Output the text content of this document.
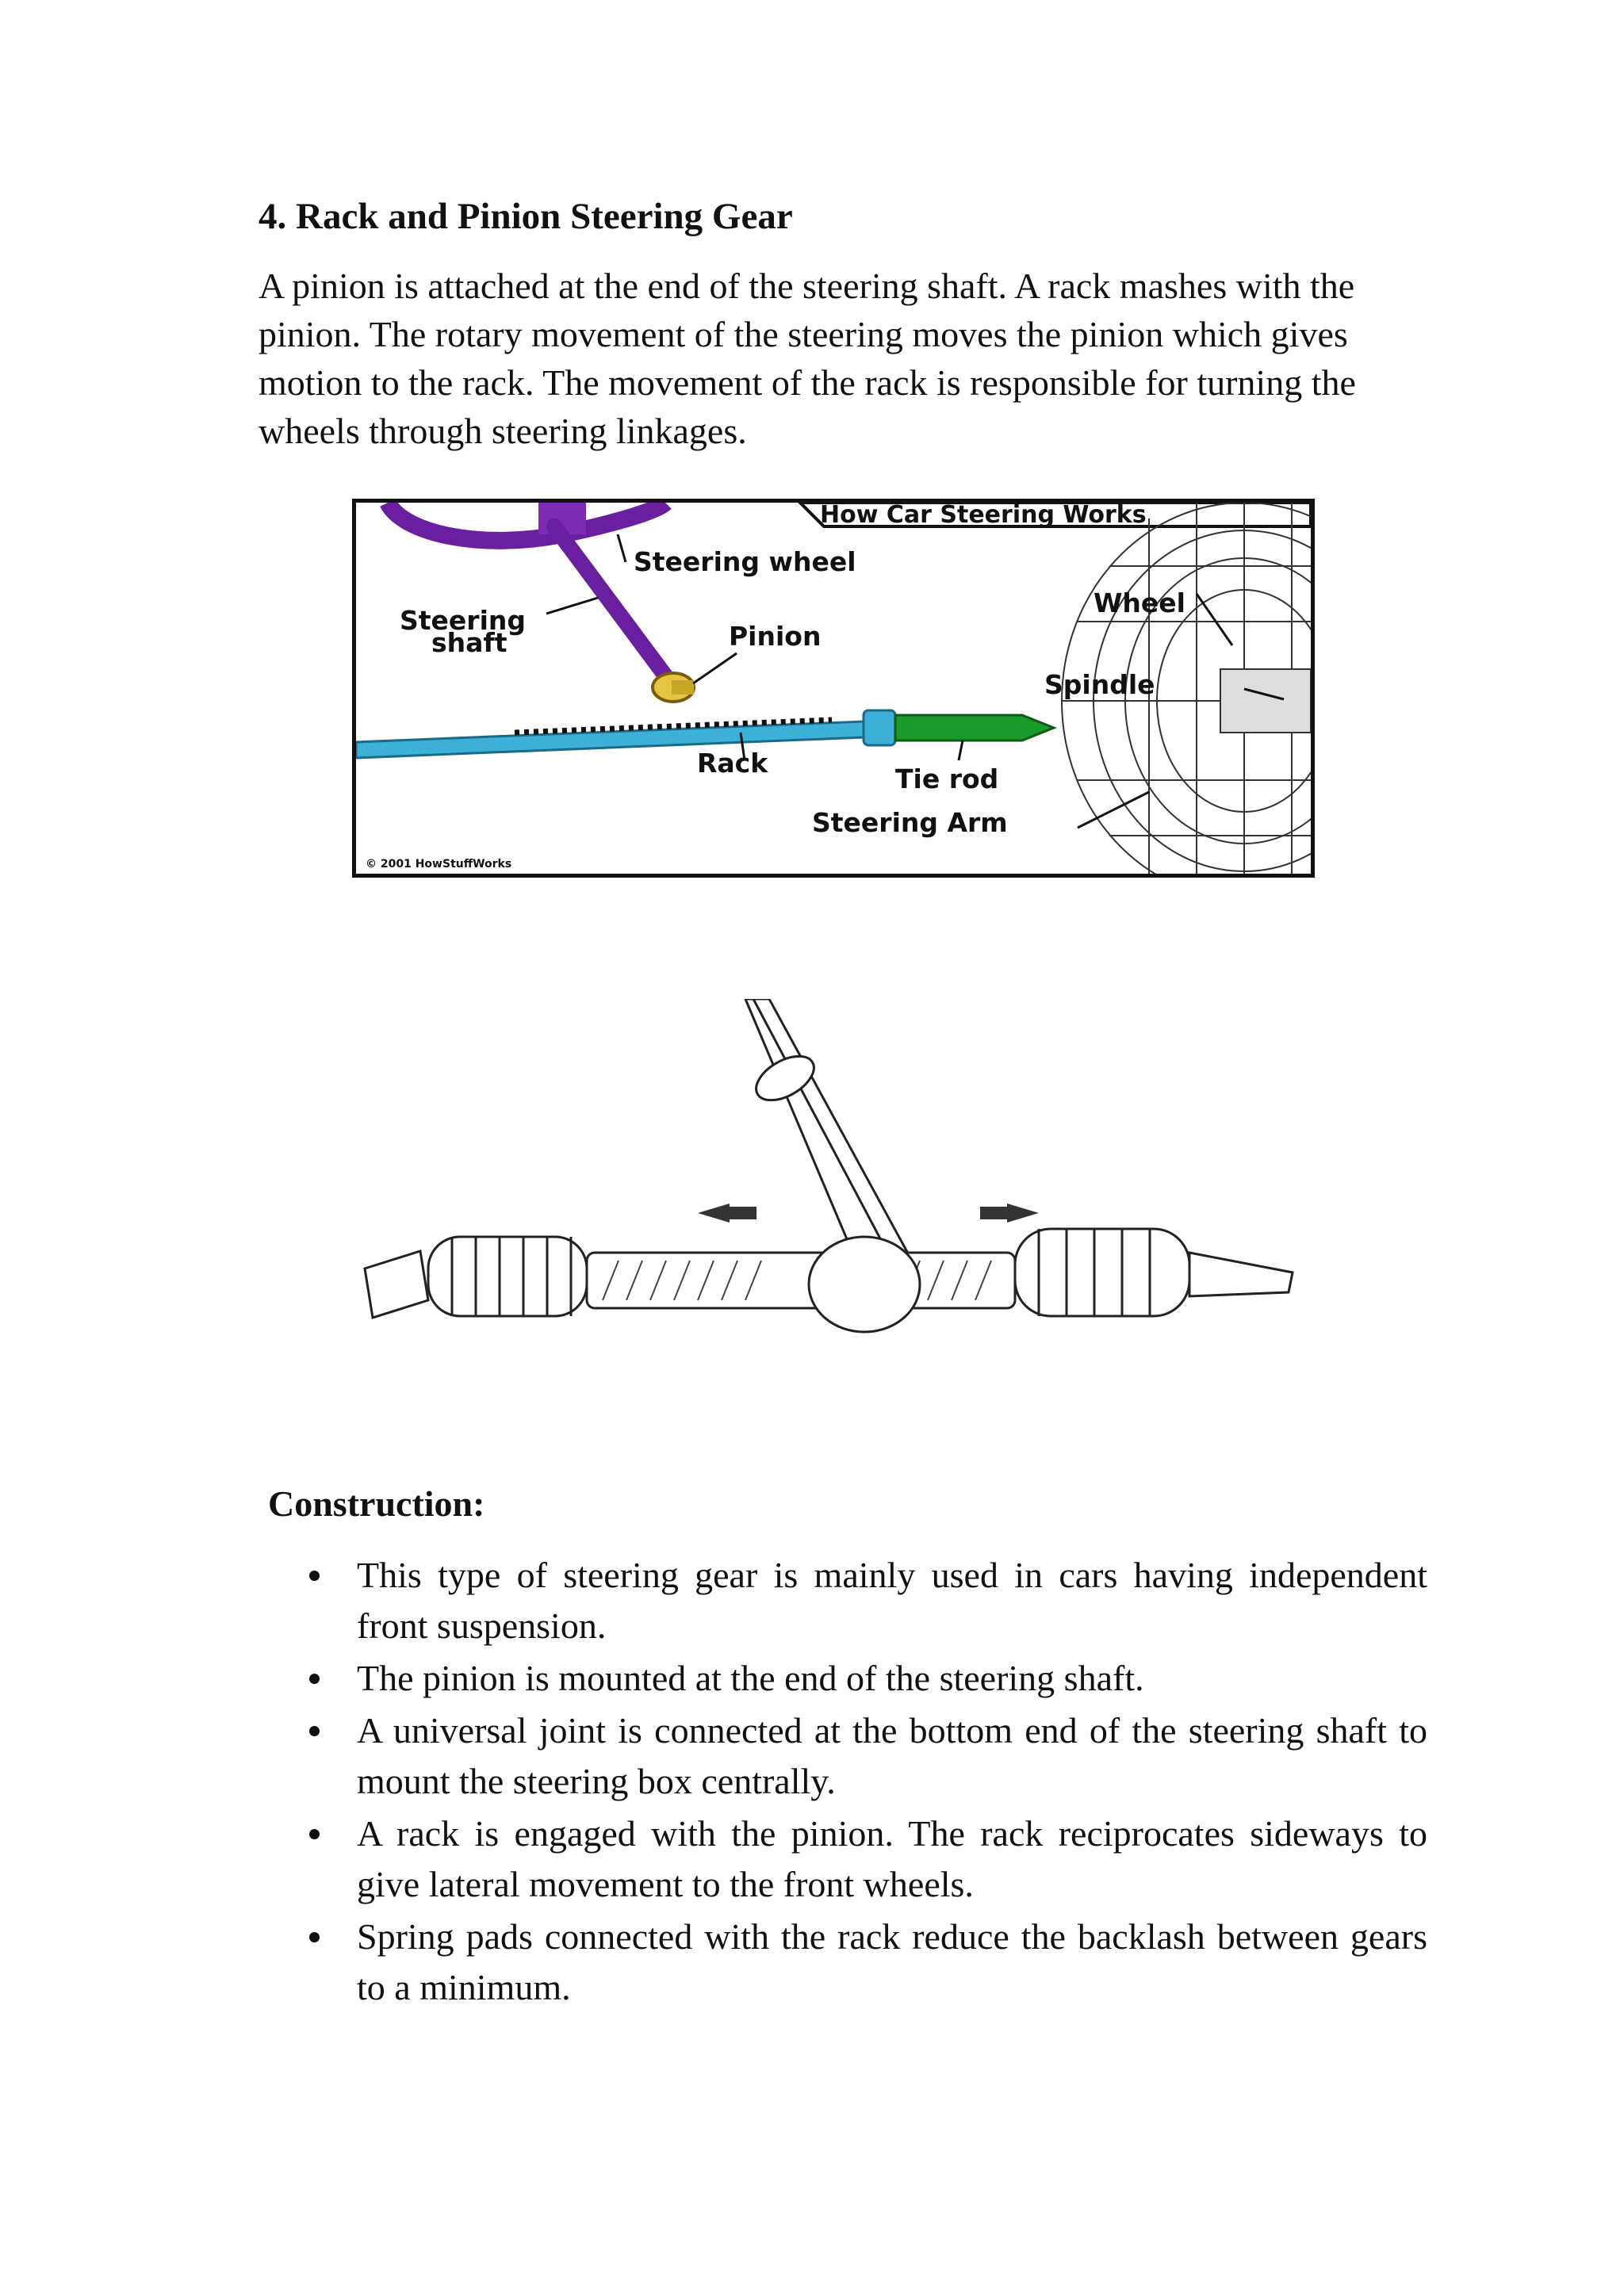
4. Rack and Pinion Steering Gear
A pinion is attached at the end of the steering shaft. A rack mashes with the pinion. The rotary movement of the steering moves the pinion which gives motion to the rack. The movement of the rack is responsible for turning the wheels through steering linkages.
How Car Steering Works
Steering wheel
Steering
shaft	Pinion
Wheel
Spindle
Rack
Tie rod
Steering Arm
© 2001 HowStuffWorks
Construction:
This type of steering gear is mainly used in cars having independent front suspension.
The pinion is mounted at the end of the steering shaft.
A universal joint is connected at the bottom end of the steering shaft to mount the steering box centrally.
A rack is engaged with the pinion. The rack reciprocates sideways to give lateral movement to the front wheels.
Spring pads connected with the rack reduce the backlash between gears to a minimum.
